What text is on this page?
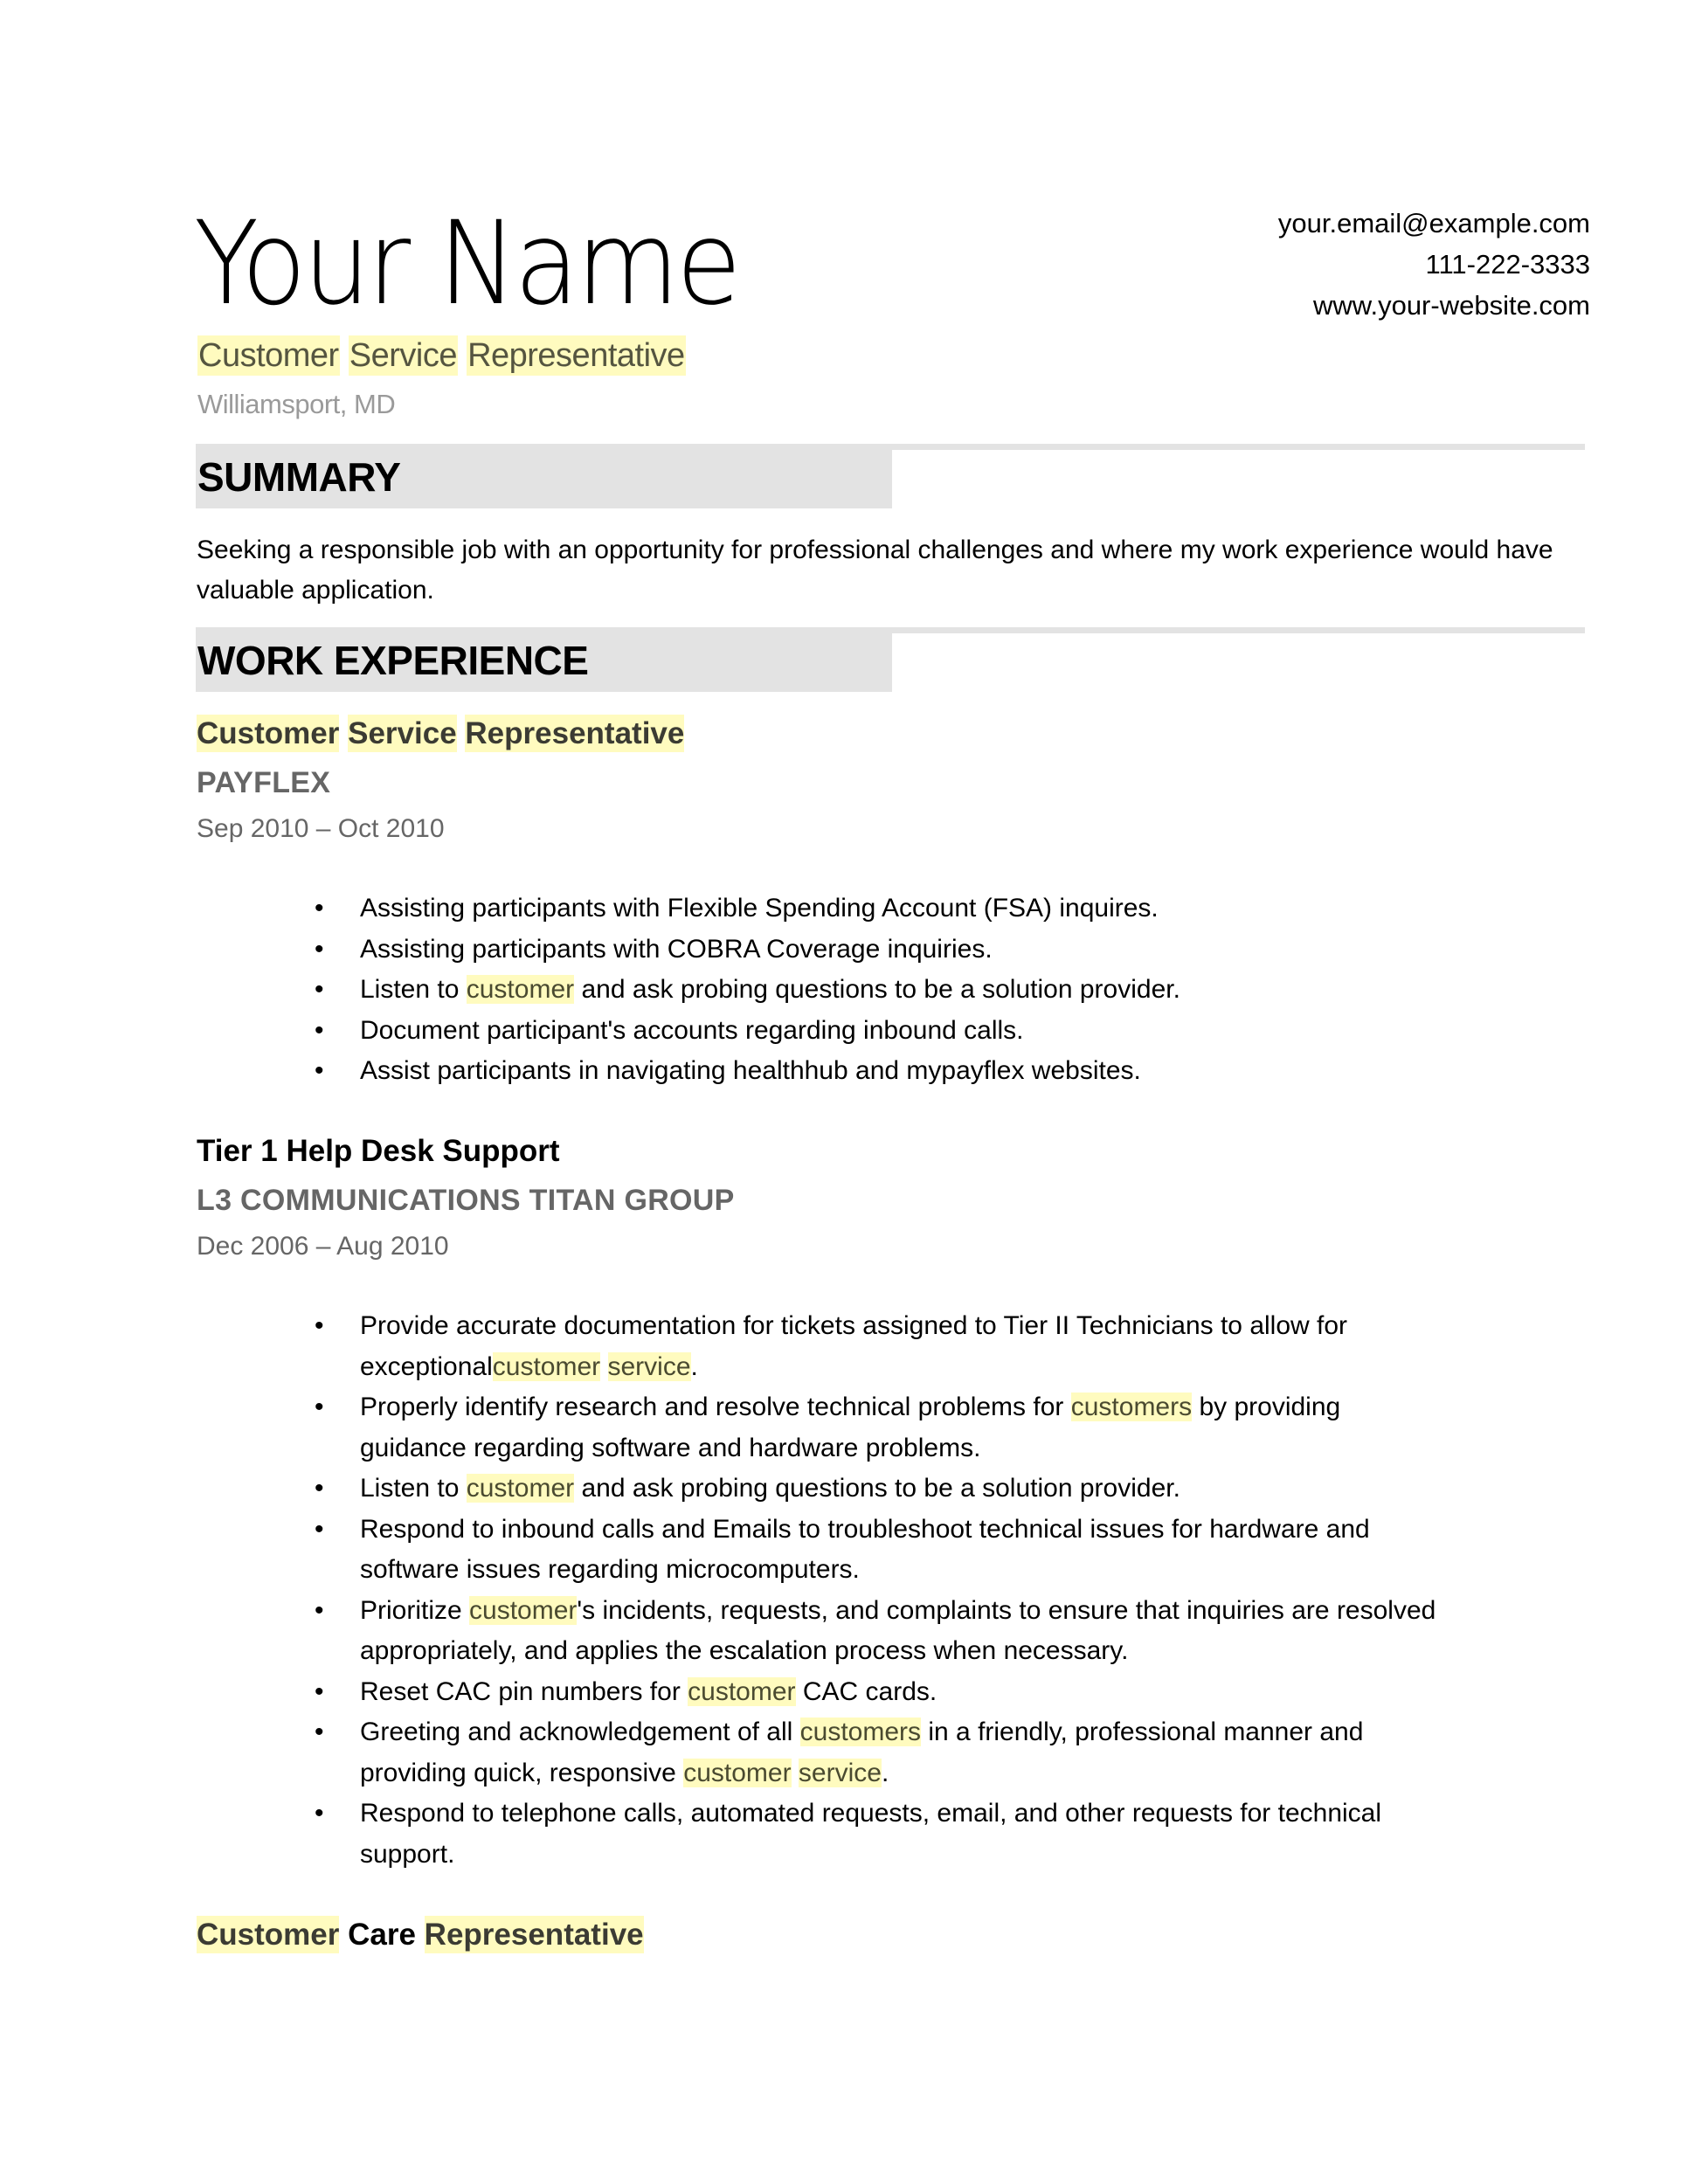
Your Name
Customer Service Representative
Williamsport, MD
your.email@example.com
111-222-3333
www.your-website.com
SUMMARY
Seeking a responsible job with an opportunity for professional challenges and where my work experience would have valuable application.
WORK EXPERIENCE
Customer Service Representative
PAYFLEX
Sep 2010 – Oct 2010
• Assisting participants with Flexible Spending Account (FSA) inquires.
• Assisting participants with COBRA Coverage inquiries.
• Listen to customer and ask probing questions to be a solution provider.
• Document participant's accounts regarding inbound calls.
• Assist participants in navigating healthhub and mypayflex websites.
Tier 1 Help Desk Support
L3 COMMUNICATIONS TITAN GROUP
Dec 2006 – Aug 2010
• Provide accurate documentation for tickets assigned to Tier II Technicians to allow for exceptionalcustomer service.
• Properly identify research and resolve technical problems for customers by providing guidance regarding software and hardware problems.
• Listen to customer and ask probing questions to be a solution provider.
• Respond to inbound calls and Emails to troubleshoot technical issues for hardware and software issues regarding microcomputers.
• Prioritize customer's incidents, requests, and complaints to ensure that inquiries are resolved appropriately, and applies the escalation process when necessary.
• Reset CAC pin numbers for customer CAC cards.
• Greeting and acknowledgement of all customers in a friendly, professional manner and providing quick, responsive customer service.
• Respond to telephone calls, automated requests, email, and other requests for technical support.
Customer Care Representative
